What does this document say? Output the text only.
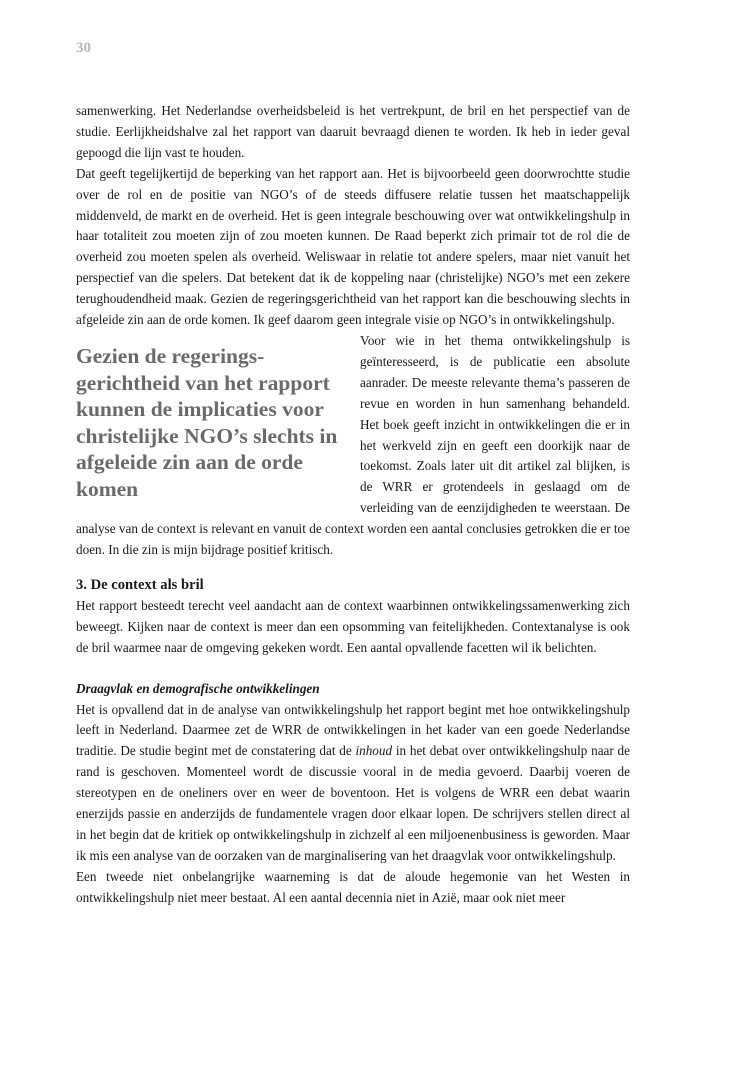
30

samenwerking. Het Nederlandse overheidsbeleid is het vertrekpunt, de bril en het perspectief van de studie. Eerlijkheidshalve zal het rapport van daaruit bevraagd dienen te worden. Ik heb in ieder geval gepoogd die lijn vast te houden.

Dat geeft tegelijkertijd de beperking van het rapport aan. Het is bijvoorbeeld geen doorwrochtte studie over de rol en de positie van NGO’s of de steeds diffusere relatie tussen het maatschappelijk middenveld, de markt en de overheid. Het is geen integrale beschouwing over wat ontwikkelingshulp in haar totaliteit zou moeten zijn of zou moeten kunnen. De Raad beperkt zich primair tot de rol die de overheid zou moeten spelen als overheid. Weliswaar in relatie tot andere spelers, maar niet vanuit het perspectief van die spelers. Dat betekent dat ik de koppeling naar (christelijke) NGO’s met een zekere terughoudendheid maak. Gezien de regeringsgerichtheid van het rapport kan die beschouwing slechts in afgeleide zin aan de orde komen. Ik geef daarom geen integrale visie op NGO’s in ontwikkelingshulp.

Gezien de regeringsgerichtheid van het rapport kunnen de implicaties voor christelijke NGO’s slechts in afgeleide zin aan de orde komen

Voor wie in het thema ontwikkelingshulp is geïnteresseerd, is de publicatie een absolute aanrader. De meeste relevante thema’s passeren de revue en worden in hun samenhang behandeld. Het boek geeft inzicht in ontwikkelingen die er in het werkveld zijn en geeft een doorkijk naar de toekomst. Zoals later uit dit artikel zal blijken, is de WRR er grotendeels in geslaagd om de verleiding van de eenzijdigheden te weerstaan. De analyse van de context is relevant en vanuit de context worden een aantal conclusies getrokken die er toe doen. In die zin is mijn bijdrage positief kritisch.

3. De context als bril

Het rapport besteedt terecht veel aandacht aan de context waarbinnen ontwikkelingssamenwerking zich beweegt. Kijken naar de context is meer dan een opsomming van feitelijkheden. Contextanalyse is ook de bril waarmee naar de omgeving gekeken wordt. Een aantal opvallende facetten wil ik belichten.

Draagvlak en demografische ontwikkelingen

Het is opvallend dat in de analyse van ontwikkelingshulp het rapport begint met hoe ontwikkelingshulp leeft in Nederland. Daarmee zet de WRR de ontwikkelingen in het kader van een goede Nederlandse traditie. De studie begint met de constatering dat de inhoud in het debat over ontwikkelingshulp naar de rand is geschoven. Momenteel wordt de discussie vooral in de media gevoerd. Daarbij voeren de stereotypen en de oneliners over en weer de boventoon. Het is volgens de WRR een debat waarin enerzijds passie en anderzijds de fundamentele vragen door elkaar lopen. De schrijvers stellen direct al in het begin dat de kritiek op ontwikkelingshulp in zichzelf al een miljoenenbusiness is geworden. Maar ik mis een analyse van de oorzaken van de marginalisering van het draagvlak voor ontwikkelingshulp.

Een tweede niet onbelangrijke waarneming is dat de aloude hegemonie van het Westen in ontwikkelingshulp niet meer bestaat. Al een aantal decennia niet in Azië, maar ook niet meer
